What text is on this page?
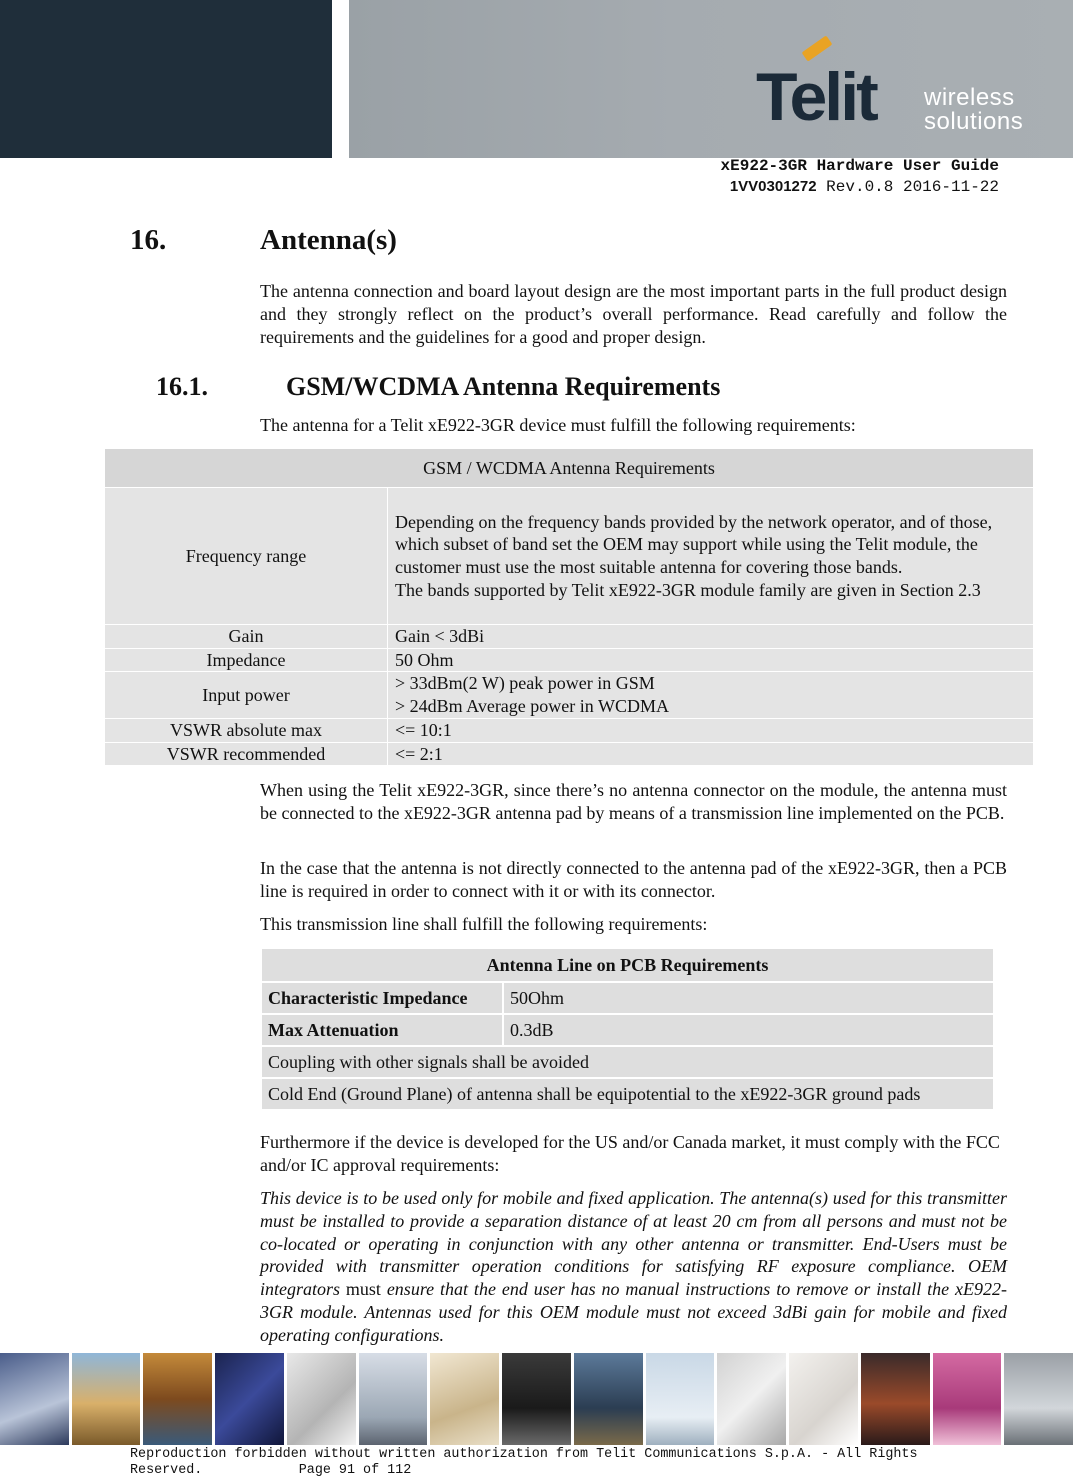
Telit wireless
solutions
xE922-3GR Hardware User Guide
1VV0301272 Rev.0.8 2016-11-22
16.	Antenna(s)

The antenna connection and board layout design are the most important parts in the full product design and they strongly reflect on the product’s overall performance. Read carefully and follow the requirements and the guidelines for a good and proper design.

16.1.	GSM/WCDMA Antenna Requirements

The antenna for a Telit xE922-3GR device must fulfill the following requirements:

GSM / WCDMA Antenna Requirements	
Frequency range	Depending on the frequency bands provided by the network operator, and of those, which subset of band set the OEM may support while using the Telit module, the customer must use the most suitable antenna for covering those bands.
The bands supported by Telit xE922-3GR module family are given in Section 2.3

Gain	Gain < 3dBi
Impedance	50 Ohm
Input power	> 33dBm(2 W) peak power in GSM
> 24dBm Average power in WCDMA

VSWR absolute max	<= 10:1
VSWR recommended	<= 2:1

When using the Telit xE922-3GR, since there’s no antenna connector on the module, the antenna must be connected to the xE922-3GR antenna pad by means of a transmission line implemented on the PCB.

In the case that the antenna is not directly connected to the antenna pad of the xE922-3GR, then a PCB line is required in order to connect with it or with its connector.

This transmission line shall fulfill the following requirements:

Antenna Line on PCB Requirements	
Characteristic Impedance	50Ohm
Max Attenuation	0.3dB
Coupling with other signals shall be avoided	
Cold End (Ground Plane) of antenna shall be equipotential to the xE922-3GR ground pads	

Furthermore if the device is developed for the US and/or Canada market, it must comply with the FCC and/or IC approval requirements:

This device is to be used only for mobile and fixed application. The antenna(s) used for this transmitter must be installed to provide a separation distance of at least 20 cm from all persons and must not be co-located or operating in conjunction with any other antenna or transmitter. End-Users must be provided with transmitter operation conditions for satisfying RF exposure compliance. OEM integrators must ensure that the end user has no manual instructions to remove or install the xE922-3GR module. Antennas used for this OEM module must not exceed 3dBi gain for mobile and fixed operating configurations.

Reproduction forbidden without written authorization from Telit Communications S.p.A. - All Rights
Reserved.            Page 91 of 112
